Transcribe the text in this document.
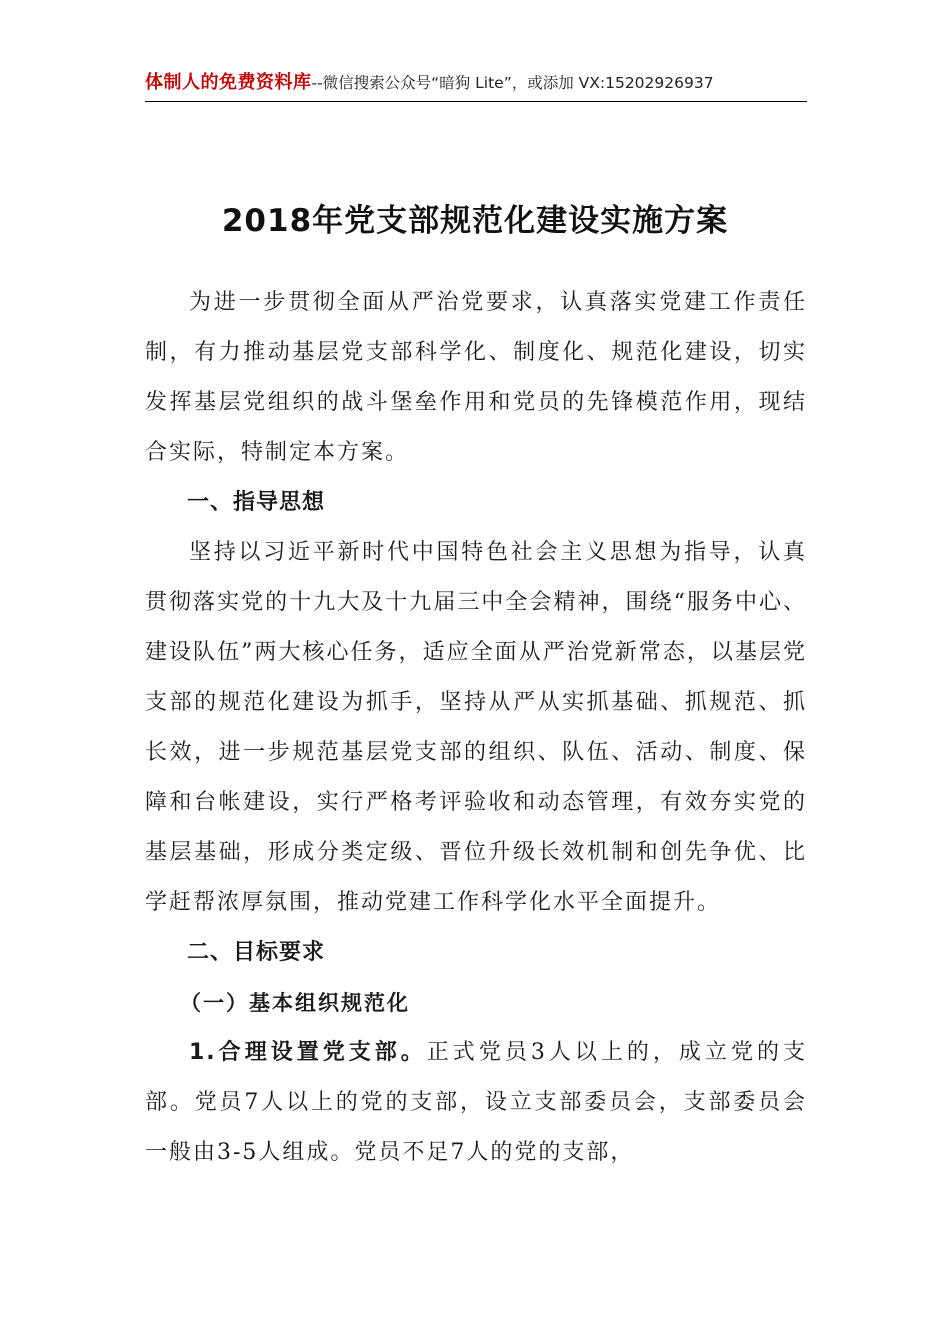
体制人的免费资料库--微信搜索公众号“暗狗 Lite”，或添加 VX:15202926937
2018年党支部规范化建设实施方案

为进一步贯彻全面从严治党要求，认真落实党建工作责任制，有力推动基层党支部科学化、制度化、规范化建设，切实发挥基层党组织的战斗堡垒作用和党员的先锋模范作用，现结合实际，特制定本方案。

一、指导思想

坚持以习近平新时代中国特色社会主义思想为指导，认真贯彻落实党的十九大及十九届三中全会精神，围绕“服务中心、建设队伍”两大核心任务，适应全面从严治党新常态，以基层党支部的规范化建设为抓手，坚持从严从实抓基础、抓规范、抓长效，进一步规范基层党支部的组织、队伍、活动、制度、保障和台帐建设，实行严格考评验收和动态管理，有效夯实党的基层基础，形成分类定级、晋位升级长效机制和创先争优、比学赶帮浓厚氛围，推动党建工作科学化水平全面提升。

二、目标要求

（一）基本组织规范化

1.合理设置党支部。正式党员3人以上的，成立党的支部。党员7人以上的党的支部，设立支部委员会，支部委员会一般由3-5人组成。党员不足7人的党的支部，
